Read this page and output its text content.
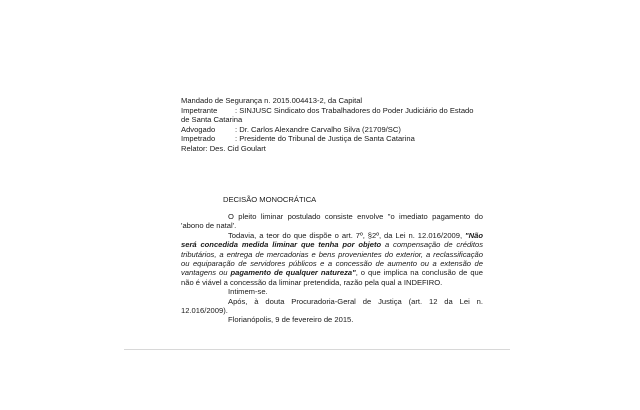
Mandado de Segurança n. 2015.004413-2, da Capital
Impetrante : SINJUSC Sindicato dos Trabalhadores do Poder Judiciário do Estado
de Santa Catarina
Advogado	: Dr. Carlos Alexandre Carvalho Silva (21709/SC)
Impetrado	: Presidente do Tribunal de Justiça de Santa Catarina
Relator: Des. Cid Goulart
DECISÃO MONOCRÁTICA

O pleito liminar postulado consiste envolve "o imediato pagamento do 'abono de natal'.

Todavia, a teor do que dispõe o art. 7º, §2º, da Lei n. 12.016/2009, "Não será concedida medida liminar que tenha por objeto a compensação de créditos tributários, a entrega de mercadorias e bens provenientes do exterior, a reclassificação ou equiparação de servidores públicos e a concessão de aumento ou a extensão de vantagens ou pagamento de qualquer natureza", o que implica na conclusão de que não é viável a concessão da liminar pretendida, razão pela qual a INDEFIRO.

Intimem-se.

Após, à douta Procuradoria-Geral de Justiça (art. 12 da Lei n. 12.016/2009).

Florianópolis, 9 de fevereiro de 2015.
